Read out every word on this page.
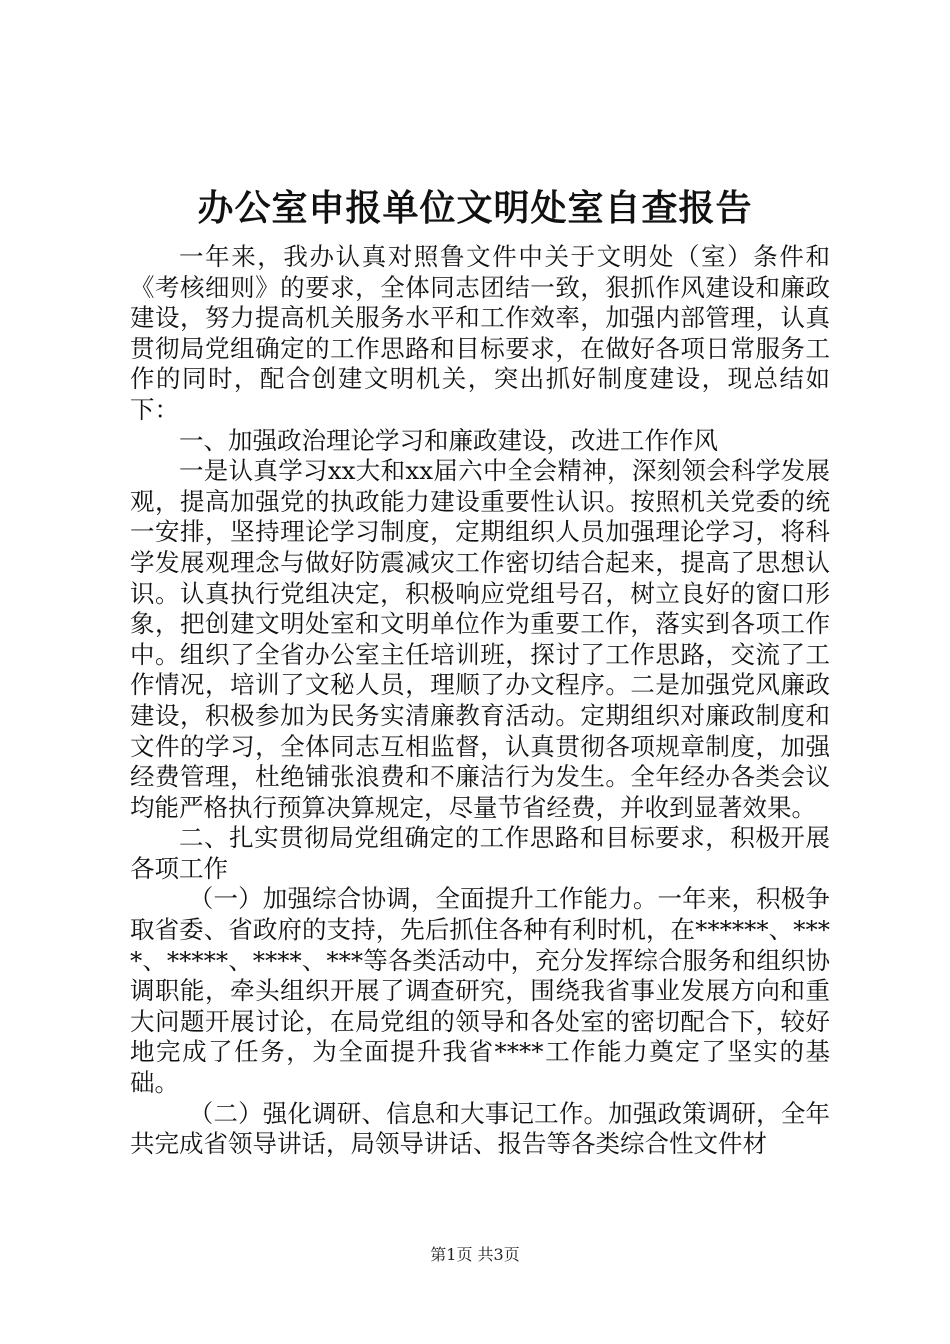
办公室申报单位文明处室自查报告

一年来，我办认真对照鲁文件中关于文明处（室）条件和《考核细则》的要求，全体同志团结一致，狠抓作风建设和廉政建设，努力提高机关服务水平和工作效率，加强内部管理，认真贯彻局党组确定的工作思路和目标要求，在做好各项日常服务工作的同时，配合创建文明机关，突出抓好制度建设，现总结如下：

一、加强政治理论学习和廉政建设，改进工作作风

一是认真学习xx大和xx届六中全会精神，深刻领会科学发展观，提高加强党的执政能力建设重要性认识。按照机关党委的统一安排，坚持理论学习制度，定期组织人员加强理论学习，将科学发展观理念与做好防震减灾工作密切结合起来，提高了思想认识。认真执行党组决定，积极响应党组号召，树立良好的窗口形象，把创建文明处室和文明单位作为重要工作，落实到各项工作中。组织了全省办公室主任培训班，探讨了工作思路，交流了工作情况，培训了文秘人员，理顺了办文程序。二是加强党风廉政建设，积极参加为民务实清廉教育活动。定期组织对廉政制度和文件的学习，全体同志互相监督，认真贯彻各项规章制度，加强经费管理，杜绝铺张浪费和不廉洁行为发生。全年经办各类会议均能严格执行预算决算规定，尽量节省经费，并收到显著效果。

二、扎实贯彻局党组确定的工作思路和目标要求，积极开展各项工作

（一）加强综合协调，全面提升工作能力。一年来，积极争取省委、省政府的支持，先后抓住各种有利时机，在******、****、*****、****、***等各类活动中，充分发挥综合服务和组织协调职能，牵头组织开展了调查研究，围绕我省事业发展方向和重大问题开展讨论，在局党组的领导和各处室的密切配合下，较好地完成了任务，为全面提升我省****工作能力奠定了坚实的基础。

（二）强化调研、信息和大事记工作。加强政策调研，全年共完成省领导讲话，局领导讲话、报告等各类综合性文件材

第1页 共3页
